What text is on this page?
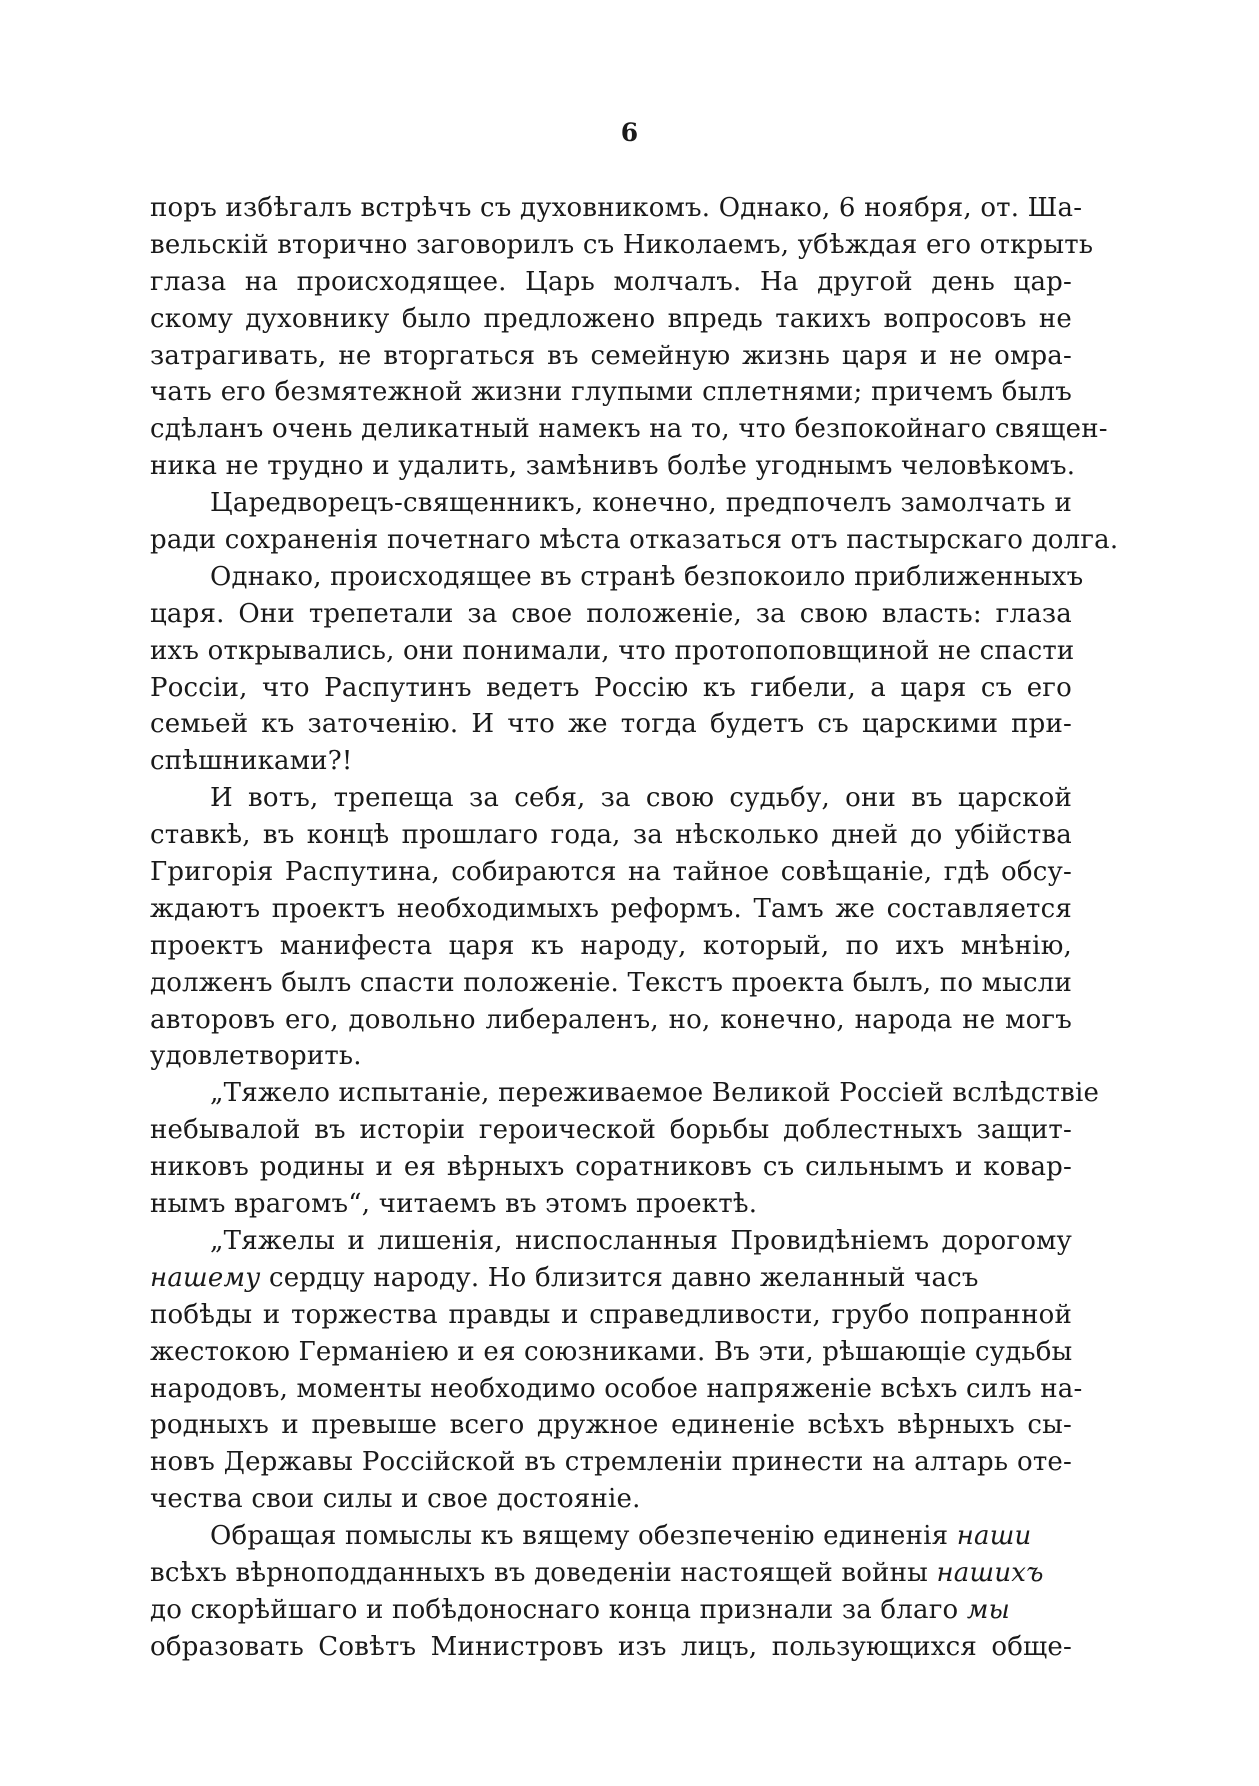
6
поръ избѣгалъ встрѣчъ съ духовникомъ. Однако, 6 ноября, от. Ша-
вельскій вторично заговорилъ съ Николаемъ, убѣждая его открыть
глаза на происходящее. Царь молчалъ. На другой день цар-
скому духовнику было предложено впредь такихъ вопросовъ не
затрагивать, не вторгаться въ семейную жизнь царя и не омра-
чать его безмятежной жизни глупыми сплетнями; причемъ былъ
сдѣланъ очень деликатный намекъ на то, что безпокойнаго священ-
ника не трудно и удалить, замѣнивъ болѣе угоднымъ человѣкомъ.
Царедворецъ-священникъ, конечно, предпочелъ замолчать и
ради сохраненія почетнаго мѣста отказаться отъ пастырскаго долга.
Однако, происходящее въ странѣ безпокоило приближенныхъ
царя. Они трепетали за свое положеніе, за свою власть: глаза
ихъ открывались, они понимали, что протопоповщиной не спасти
Россіи, что Распутинъ ведетъ Россію къ гибели, а царя съ его
семьей къ заточенію. И что же тогда будетъ съ царскими при-
спѣшниками?!
И вотъ, трепеща за себя, за свою судьбу, они въ царской
ставкѣ, въ концѣ прошлаго года, за нѣсколько дней до убійства
Григорія Распутина, собираются на тайное совѣщаніе, гдѣ обсу-
ждаютъ проектъ необходимыхъ реформъ. Тамъ же составляется
проектъ манифеста царя къ народу, который, по ихъ мнѣнію,
долженъ былъ спасти положеніе. Текстъ проекта былъ, по мысли
авторовъ его, довольно либераленъ, но, конечно, народа не могъ
удовлетворить.
„Тяжело испытаніе, переживаемое Великой Россіей вслѣдствіе
небывалой въ исторіи героической борьбы доблестныхъ защит-
никовъ родины и ея вѣрныхъ соратниковъ съ сильнымъ и ковар-
нымъ врагомъ“, читаемъ въ этомъ проектѣ.
„Тяжелы и лишенія, ниспосланныя Провидѣніемъ дорогому
нашему сердцу народу. Но близится давно желанный часъ
побѣды и торжества правды и справедливости, грубо попранной
жестокою Германіею и ея союзниками. Въ эти, рѣшающіе судьбы
народовъ, моменты необходимо особое напряженіе всѣхъ силъ на-
родныхъ и превыше всего дружное единеніе всѣхъ вѣрныхъ сы-
новъ Державы Россійской въ стремленіи принести на алтарь оте-
чества свои силы и свое достояніе.
Обращая помыслы къ вящему обезпеченію единенія наши
всѣхъ вѣрноподданныхъ въ доведеніи настоящей войны нашихъ
до скорѣйшаго и побѣдоноснаго конца признали за благо мы
образовать Совѣтъ Министровъ изъ лицъ, пользующихся обще-
